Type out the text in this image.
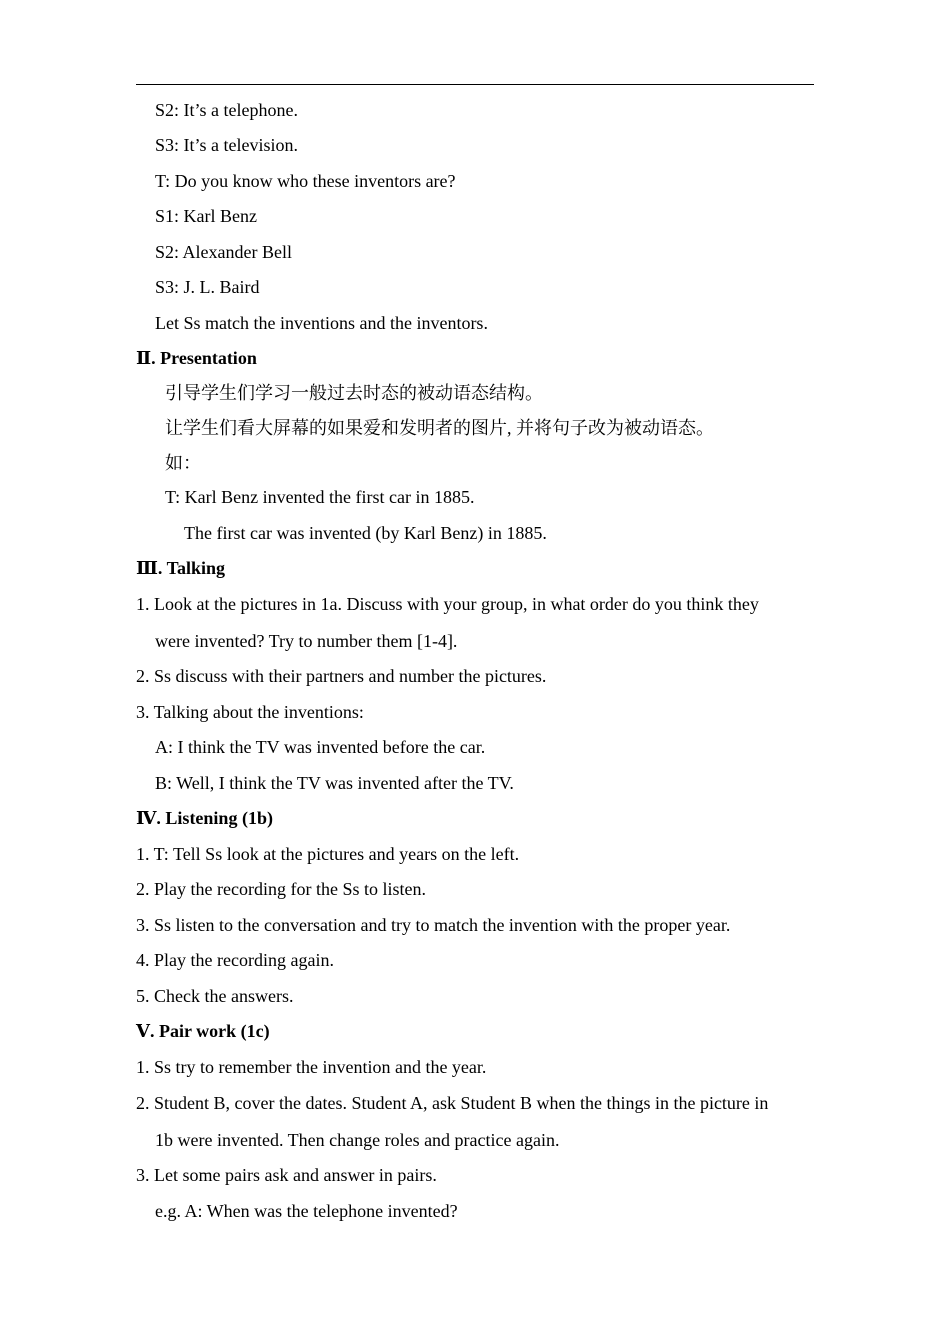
S2: It’s a telephone.
S3: It’s a television.
T: Do you know who these inventors are?
S1: Karl Benz
S2: Alexander Bell
S3: J. L. Baird
Let Ss match the inventions and the inventors.
Ⅱ. Presentation
引导学生们学习一般过去时态的被动语态结构。
让学生们看大屏幕的如果爱和发明者的图片, 并将句子改为被动语态。
如：
T: Karl Benz invented the first car in 1885.
The first car was invented (by Karl Benz) in 1885.
Ⅲ. Talking
1. Look at the pictures in 1a. Discuss with your group, in what order do you think they
were invented? Try to number them [1-4].
2. Ss discuss with their partners and number the pictures.
3. Talking about the inventions:
A: I think the TV was invented before the car.
B: Well, I think the TV was invented after the TV.
Ⅳ. Listening (1b)
1. T: Tell Ss look at the pictures and years on the left.
2. Play the recording for the Ss to listen.
3. Ss listen to the conversation and try to match the invention with the proper year.
4. Play the recording again.
5. Check the answers.
Ⅴ. Pair work (1c)
1. Ss try to remember the invention and the year.
2. Student B, cover the dates. Student A, ask Student B when the things in the picture in
1b were invented. Then change roles and practice again.
3. Let some pairs ask and answer in pairs.
e.g. A: When was the telephone invented?
